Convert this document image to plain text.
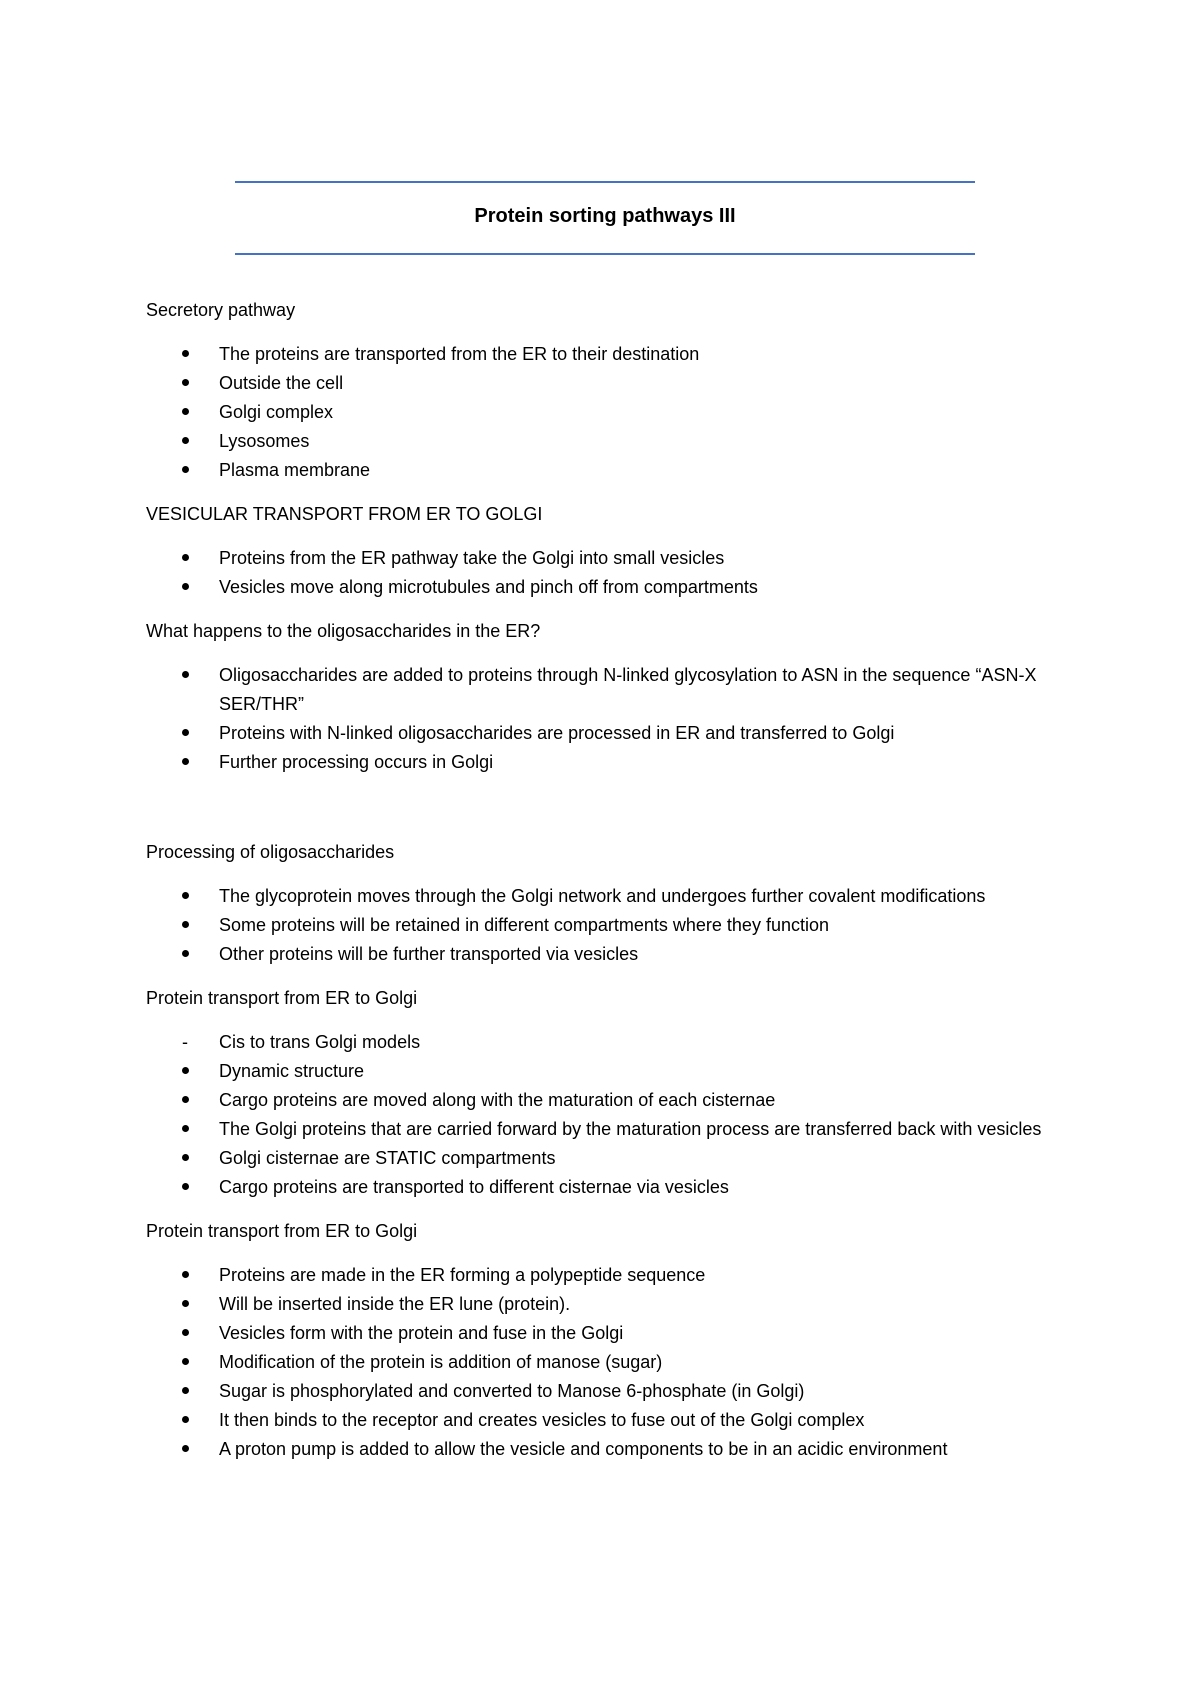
Protein sorting pathways III
Secretory pathway
The proteins are transported from the ER to their destination
Outside the cell
Golgi complex
Lysosomes
Plasma membrane
VESICULAR TRANSPORT FROM ER TO GOLGI
Proteins from the ER pathway take the Golgi into small vesicles
Vesicles move along microtubules and pinch off from compartments
What happens to the oligosaccharides in the ER?
Oligosaccharides are added to proteins through N-linked glycosylation to ASN in the sequence “ASN-X SER/THR”
Proteins with N-linked oligosaccharides are processed in ER and transferred to Golgi
Further processing occurs in Golgi
Processing of oligosaccharides
The glycoprotein moves through the Golgi network and undergoes further covalent modifications
Some proteins will be retained in different compartments where they function
Other proteins will be further transported via vesicles
Protein transport from ER to Golgi
-	Cis to trans Golgi models
Dynamic structure
Cargo proteins are moved along with the maturation of each cisternae
The Golgi proteins that are carried forward by the maturation process are transferred back with vesicles
Golgi cisternae are STATIC compartments
Cargo proteins are transported to different cisternae via vesicles
Protein transport from ER to Golgi
Proteins are made in the ER forming a polypeptide sequence
Will be inserted inside the ER lune (protein).
Vesicles form with the protein and fuse in the Golgi
Modification of the protein is addition of manose (sugar)
Sugar is phosphorylated and converted to Manose 6-phosphate (in Golgi)
It then binds to the receptor and creates vesicles to fuse out of the Golgi complex
A proton pump is added to allow the vesicle and components to be in an acidic environment
